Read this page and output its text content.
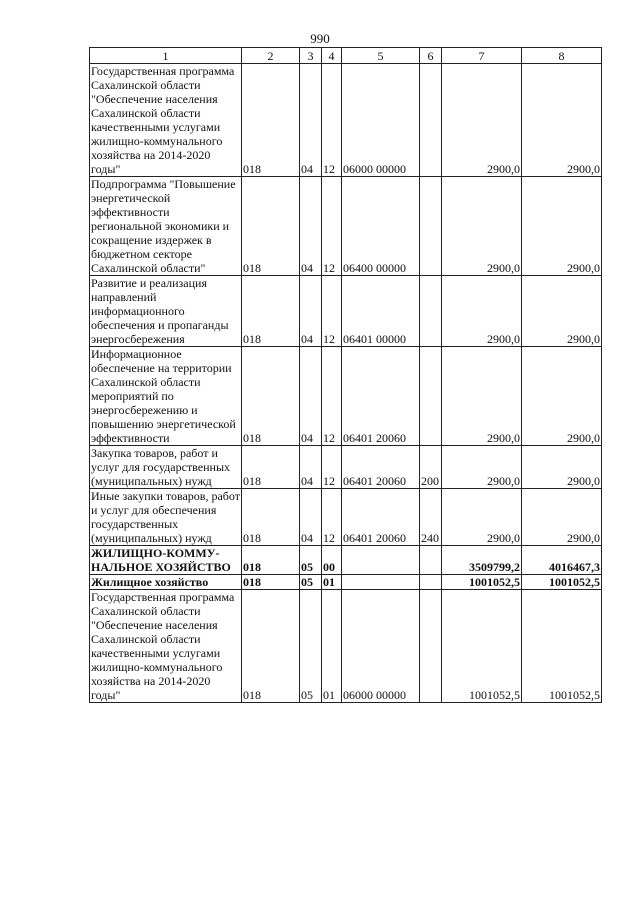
990
1	2	3	4	5	6	7	8
Государственная программа Сахалинской области "Обеспечение населения Сахалинской области качественными услугами жилищно-коммунального хозяйства на 2014-2020 годы"	018	04	12	06000 00000		2900,0	2900,0
Подпрограмма "Повышение энергетической эффективности региональной экономики и сокращение издержек в бюджетном секторе Сахалинской области"	018	04	12	06400 00000		2900,0	2900,0
Развитие и реализация направлений информационного обеспечения и пропаганды энергосбережения	018	04	12	06401 00000		2900,0	2900,0
Информационное обеспечение на территории Сахалинской области мероприятий по энергосбережению и повышению энергетической эффективности	018	04	12	06401 20060		2900,0	2900,0
Закупка товаров, работ и услуг для государственных (муниципальных) нужд	018	04	12	06401 20060	200	2900,0	2900,0
Иные закупки товаров, работ и услуг для обеспечения государственных (муниципальных) нужд	018	04	12	06401 20060	240	2900,0	2900,0
ЖИЛИЩНО-КОММУ-НАЛЬНОЕ ХОЗЯЙСТВО	018	05	00			3509799,2	4016467,3
Жилищное хозяйство	018	05	01			1001052,5	1001052,5
Государственная программа Сахалинской области "Обеспечение населения Сахалинской области качественными услугами жилищно-коммунального хозяйства на 2014-2020 годы"	018	05	01	06000 00000		1001052,5	1001052,5
